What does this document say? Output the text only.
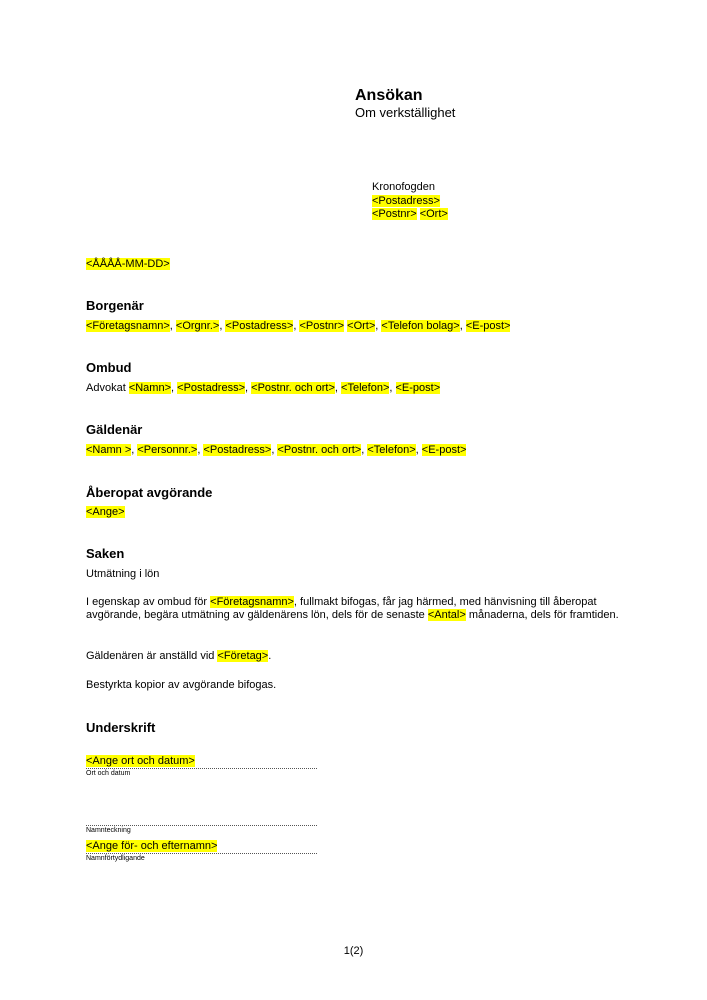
Ansökan
Om verkställighet
Kronofogden
<Postadress>
<Postnr> <Ort>
<ÅÅÅÅ-MM-DD>
Borgenär
<Företagsnamn>, <Orgnr.>, <Postadress>, <Postnr> <Ort>, <Telefon bolag>, <E-post>
Ombud
Advokat <Namn>, <Postadress>, <Postnr. och ort>, <Telefon>, <E-post>
Gäldenär
<Namn >, <Personnr.>, <Postadress>, <Postnr. och ort>, <Telefon>, <E-post>
Åberopat avgörande
<Ange>
Saken
Utmätning i lön
I egenskap av ombud för <Företagsnamn>, fullmakt bifogas, får jag härmed, med hänvisning till åberopat avgörande, begära utmätning av gäldenärens lön, dels för de senaste <Antal> månaderna, dels för framtiden.
Gäldenären är anställd vid <Företag>.
Bestyrkta kopior av avgörande bifogas.
Underskrift
<Ange ort och datum>
Ort och datum
Namnteckning
<Ange för- och efternamn>
Namnförtydligande
1(2)
